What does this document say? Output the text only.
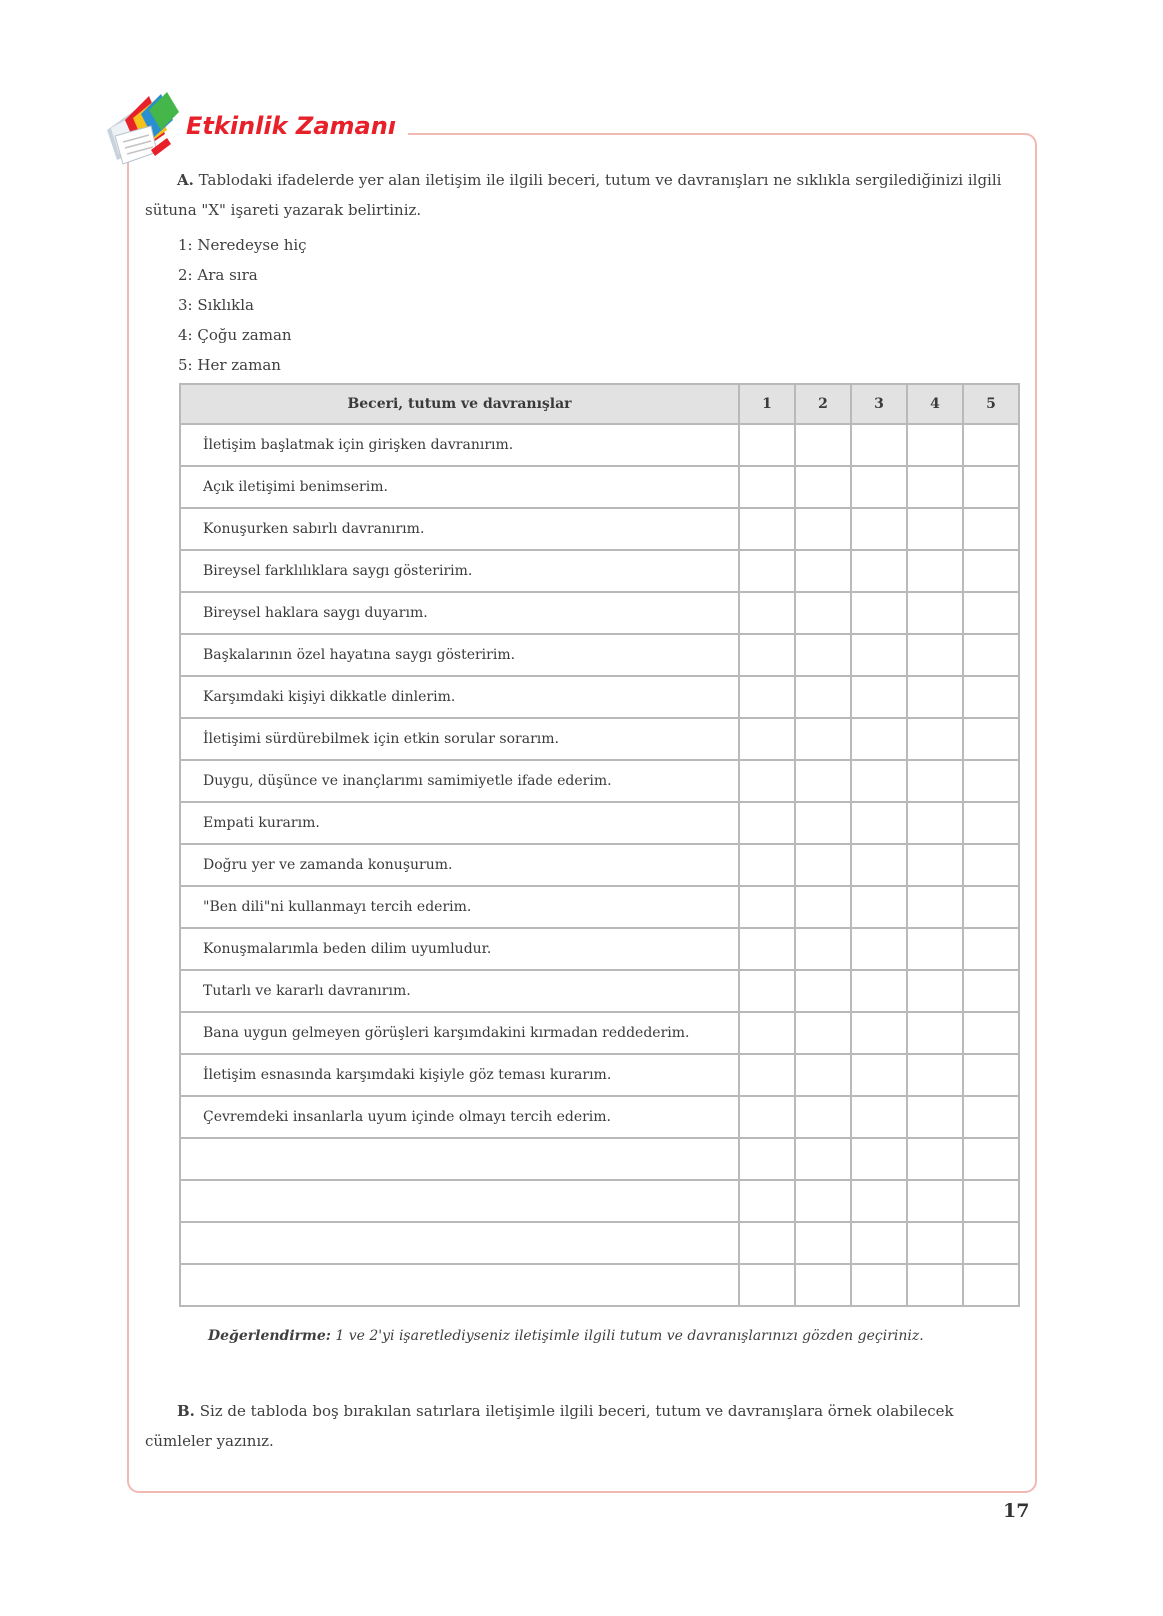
Etkinlik Zamanı
A. Tablodaki ifadelerde yer alan iletişim ile ilgili beceri, tutum ve davranışları ne sıklıkla sergilediğinizi ilgili sütuna "X" işareti yazarak belirtiniz.
1: Neredeyse hiç
2: Ara sıra
3: Sıklıkla
4: Çoğu zaman
5: Her zaman
Beceri, tutum ve davranışlar	1	2	3	4	5
İletişim başlatmak için girişken davranırım.					
Açık iletişimi benimserim.					
Konuşurken sabırlı davranırım.					
Bireysel farklılıklara saygı gösteririm.					
Bireysel haklara saygı duyarım.					
Başkalarının özel hayatına saygı gösteririm.					
Karşımdaki kişiyi dikkatle dinlerim.					
İletişimi sürdürebilmek için etkin sorular sorarım.					
Duygu, düşünce ve inançlarımı samimiyetle ifade ederim.					
Empati kurarım.					
Doğru yer ve zamanda konuşurum.					
"Ben dili"ni kullanmayı tercih ederim.					
Konuşmalarımla beden dilim uyumludur.					
Tutarlı ve kararlı davranırım.					
Bana uygun gelmeyen görüşleri karşımdakini kırmadan reddederim.					
İletişim esnasında karşımdaki kişiyle göz teması kurarım.					
Çevremdeki insanlarla uyum içinde olmayı tercih ederim.					

Değerlendirme: 1 ve 2'yi işaretlediyseniz iletişimle ilgili tutum ve davranışlarınızı gözden geçiriniz.
B. Siz de tabloda boş bırakılan satırlara iletişimle ilgili beceri, tutum ve davranışlara örnek olabilecek cümleler yazınız.
17
